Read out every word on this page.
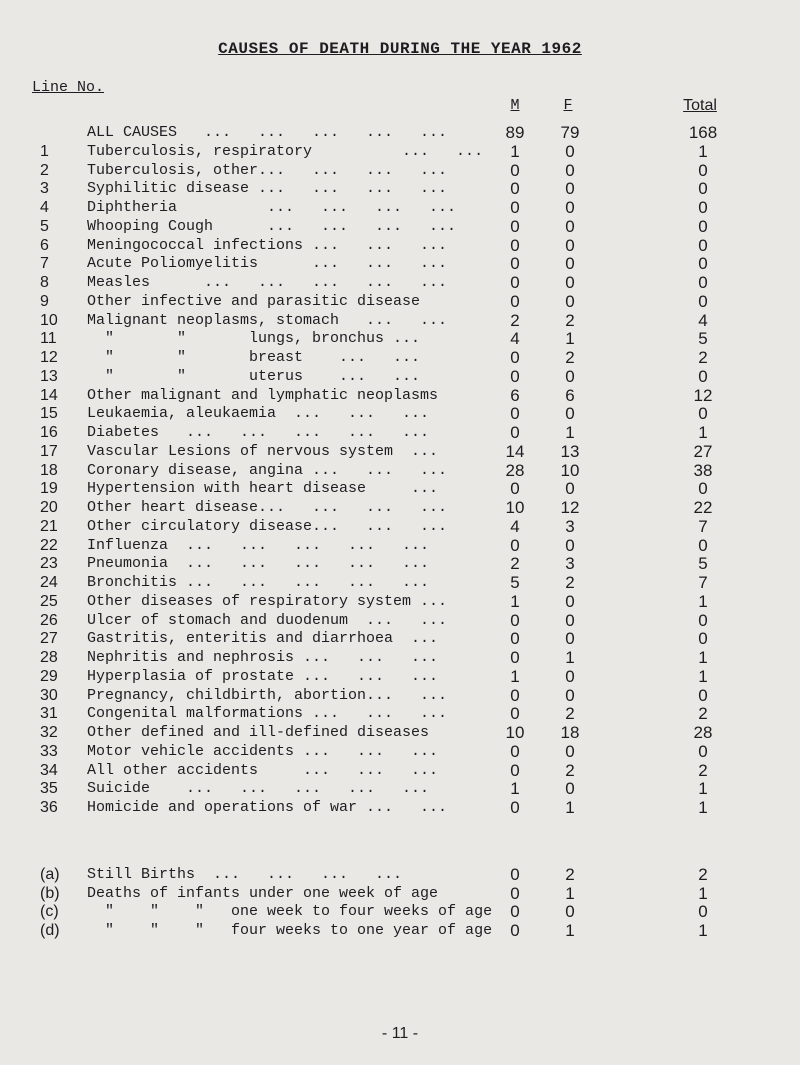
CAUSES OF DEATH DURING THE YEAR 1962
Line No.
M	F	Total
ALL CAUSES   ...   ...   ...   ...   ...	89	79	168
1	Tuberculosis, respiratory          ...   ...	1	0	1
2	Tuberculosis, other...   ...   ...   ...	0	0	0
3	Syphilitic disease ...   ...   ...   ...	0	0	0
4	Diphtheria          ...   ...   ...   ...	0	0	0
5	Whooping Cough      ...   ...   ...   ...	0	0	0
6	Meningococcal infections ...   ...   ...	0	0	0
7	Acute Poliomyelitis      ...   ...   ...	0	0	0
8	Measles      ...   ...   ...   ...   ...	0	0	0
9	Other infective and parasitic disease	0	0	0
10	Malignant neoplasms, stomach   ...   ...	2	2	4
11	"       "       lungs, bronchus ...	4	1	5
12	"       "       breast    ...   ...	0	2	2
13	"       "       uterus    ...   ...	0	0	0
14	Other malignant and lymphatic neoplasms	6	6	12
15	Leukaemia, aleukaemia  ...   ...   ...	0	0	0
16	Diabetes   ...   ...   ...   ...   ...	0	1	1
17	Vascular Lesions of nervous system  ...	14	13	27
18	Coronary disease, angina ...   ...   ...	28	10	38
19	Hypertension with heart disease     ...	0	0	0
20	Other heart disease...   ...   ...   ...	10	12	22
21	Other circulatory disease...   ...   ...	4	3	7
22	Influenza  ...   ...   ...   ...   ...	0	0	0
23	Pneumonia  ...   ...   ...   ...   ...	2	3	5
24	Bronchitis ...   ...   ...   ...   ...	5	2	7
25	Other diseases of respiratory system ...	1	0	1
26	Ulcer of stomach and duodenum  ...   ...	0	0	0
27	Gastritis, enteritis and diarrhoea  ...	0	0	0
28	Nephritis and nephrosis ...   ...   ...	0	1	1
29	Hyperplasia of prostate ...   ...   ...	1	0	1
30	Pregnancy, childbirth, abortion...   ...	0	0	0
31	Congenital malformations ...   ...   ...	0	2	2
32	Other defined and ill-defined diseases	10	18	28
33	Motor vehicle accidents ...   ...   ...	0	0	0
34	All other accidents     ...   ...   ...	0	2	2
35	Suicide    ...   ...   ...   ...   ...	1	0	1
36	Homicide and operations of war ...   ...	0	1	1
(a)	Still Births  ...   ...   ...   ...	0	2	2
(b)	Deaths of infants under one week of age	0	1	1
(c)	"    "    "   one week to four weeks of age	0	0	0
(d)	"    "    "   four weeks to one year of age	0	1	1
- 11 -
